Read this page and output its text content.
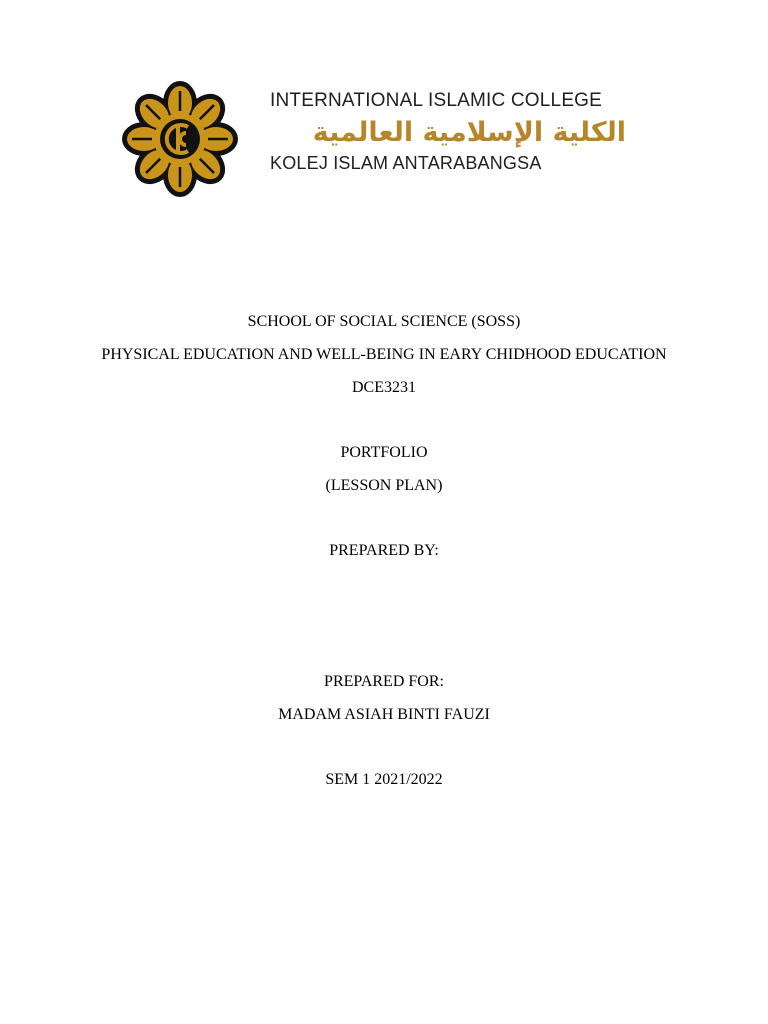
INTERNATIONAL ISLAMIC COLLEGE
الكلية الإسلامية العالمية
KOLEJ ISLAM ANTARABANGSA
SCHOOL OF SOCIAL SCIENCE (SOSS)
PHYSICAL EDUCATION AND WELL-BEING IN EARY CHIDHOOD EDUCATION
DCE3231
PORTFOLIO
(LESSON PLAN)
PREPARED BY:
PREPARED FOR:
MADAM ASIAH BINTI FAUZI
SEM 1 2021/2022
